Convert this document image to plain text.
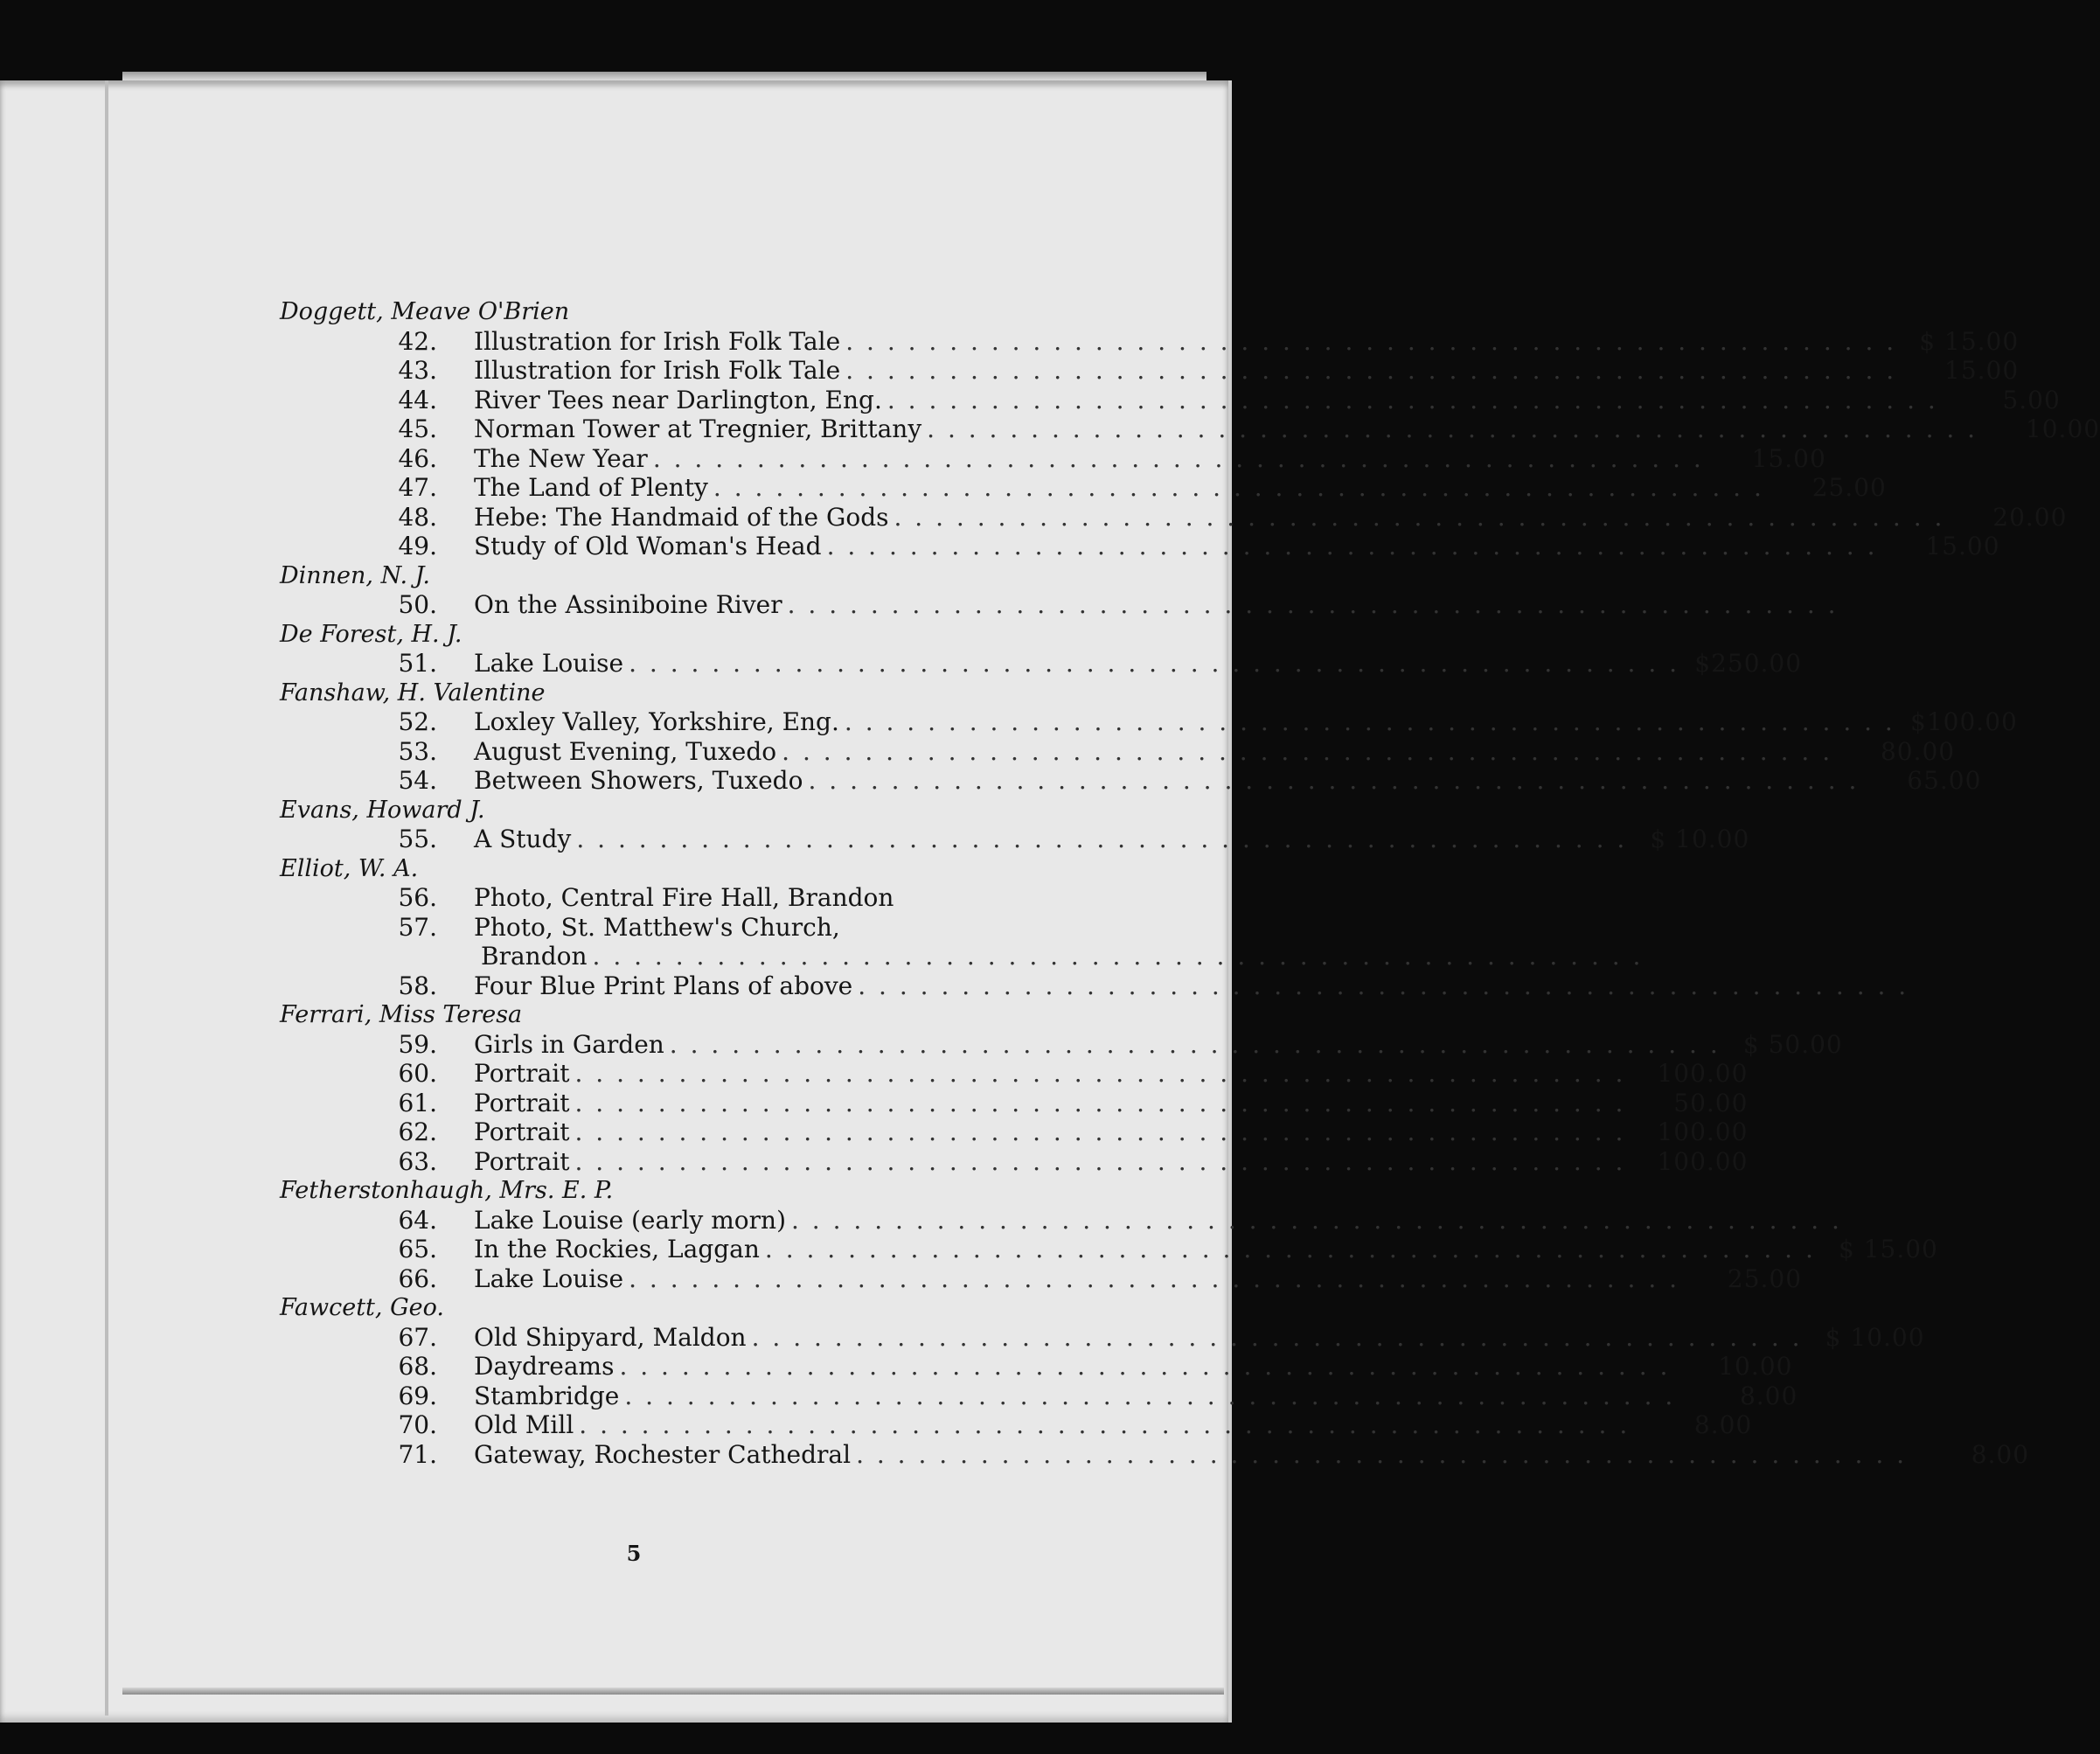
Doggett, Meave O'Brien
42. Illustration for Irish Folk Tale . . . . . . . . . . . . . . . . . . . . . . . . . . . . . . . . . . . . . . . . . . . . . . . . . . . $ 15.00
43. Illustration for Irish Folk Tale . . . . . . . . . . . . . . . . . . . . . . . . . . . . . . . . . . . . . . . . . . . . . . . . . . .	15.00
44. River Tees near Darlington, Eng. . . . . . . . . . . . . . . . . . . . . . . . . . . . . . . . . . . . . . . . . . . . . . . . . . . .	5.00
45. Norman Tower at Tregnier, Brittany . . . . . . . . . . . . . . . . . . . . . . . . . . . . . . . . . . . . . . . . . . . . . . . . . . .	10.00
46. The New Year . . . . . . . . . . . . . . . . . . . . . . . . . . . . . . . . . . . . . . . . . . . . . . . . . . .	15.00
47. The Land of Plenty . . . . . . . . . . . . . . . . . . . . . . . . . . . . . . . . . . . . . . . . . . . . . . . . . . .	25.00
48. Hebe: The Handmaid of the Gods . . . . . . . . . . . . . . . . . . . . . . . . . . . . . . . . . . . . . . . . . . . . . . . . . . .	20.00
49. Study of Old Woman's Head . . . . . . . . . . . . . . . . . . . . . . . . . . . . . . . . . . . . . . . . . . . . . . . . . . .	15.00
Dinnen, N. J.
50. On the Assiniboine River . . . . . . . . . . . . . . . . . . . . . . . . . . . . . . . . . . . . . . . . . . . . . . . . . . .
De Forest, H. J.
51. Lake Louise . . . . . . . . . . . . . . . . . . . . . . . . . . . . . . . . . . . . . . . . . . . . . . . . . . . $250.00
Fanshaw, H. Valentine
52. Loxley Valley, Yorkshire, Eng. . . . . . . . . . . . . . . . . . . . . . . . . . . . . . . . . . . . . . . . . . . . . . . . . . . . $100.00
53. August Evening, Tuxedo . . . . . . . . . . . . . . . . . . . . . . . . . . . . . . . . . . . . . . . . . . . . . . . . . . .	80.00
54. Between Showers, Tuxedo . . . . . . . . . . . . . . . . . . . . . . . . . . . . . . . . . . . . . . . . . . . . . . . . . . .	65.00
Evans, Howard J.
55. A Study . . . . . . . . . . . . . . . . . . . . . . . . . . . . . . . . . . . . . . . . . . . . . . . . . . . $ 10.00
Elliot, W. A.
56. Photo, Central Fire Hall, Brandon
57. Photo, St. Matthew's Church,
Brandon . . . . . . . . . . . . . . . . . . . . . . . . . . . . . . . . . . . . . . . . . . . . . . . . . . .
58. Four Blue Print Plans of above . . . . . . . . . . . . . . . . . . . . . . . . . . . . . . . . . . . . . . . . . . . . . . . . . . .
Ferrari, Miss Teresa
59. Girls in Garden . . . . . . . . . . . . . . . . . . . . . . . . . . . . . . . . . . . . . . . . . . . . . . . . . . . $ 50.00
60. Portrait . . . . . . . . . . . . . . . . . . . . . . . . . . . . . . . . . . . . . . . . . . . . . . . . . . .	100.00
61. Portrait . . . . . . . . . . . . . . . . . . . . . . . . . . . . . . . . . . . . . . . . . . . . . . . . . . .	50.00
62. Portrait . . . . . . . . . . . . . . . . . . . . . . . . . . . . . . . . . . . . . . . . . . . . . . . . . . .	100.00
63. Portrait . . . . . . . . . . . . . . . . . . . . . . . . . . . . . . . . . . . . . . . . . . . . . . . . . . .	100.00
Fetherstonhaugh, Mrs. E. P.
64. Lake Louise (early morn) . . . . . . . . . . . . . . . . . . . . . . . . . . . . . . . . . . . . . . . . . . . . . . . . . . .
65. In the Rockies, Laggan . . . . . . . . . . . . . . . . . . . . . . . . . . . . . . . . . . . . . . . . . . . . . . . . . . . $ 15.00
66. Lake Louise . . . . . . . . . . . . . . . . . . . . . . . . . . . . . . . . . . . . . . . . . . . . . . . . . . .	25.00
Fawcett, Geo.
67. Old Shipyard, Maldon . . . . . . . . . . . . . . . . . . . . . . . . . . . . . . . . . . . . . . . . . . . . . . . . . . . $ 10.00
68. Daydreams . . . . . . . . . . . . . . . . . . . . . . . . . . . . . . . . . . . . . . . . . . . . . . . . . . .	10.00
69. Stambridge . . . . . . . . . . . . . . . . . . . . . . . . . . . . . . . . . . . . . . . . . . . . . . . . . . .	8.00
70. Old Mill . . . . . . . . . . . . . . . . . . . . . . . . . . . . . . . . . . . . . . . . . . . . . . . . . . .	8.00
71. Gateway, Rochester Cathedral . . . . . . . . . . . . . . . . . . . . . . . . . . . . . . . . . . . . . . . . . . . . . . . . . . .	8.00
5
